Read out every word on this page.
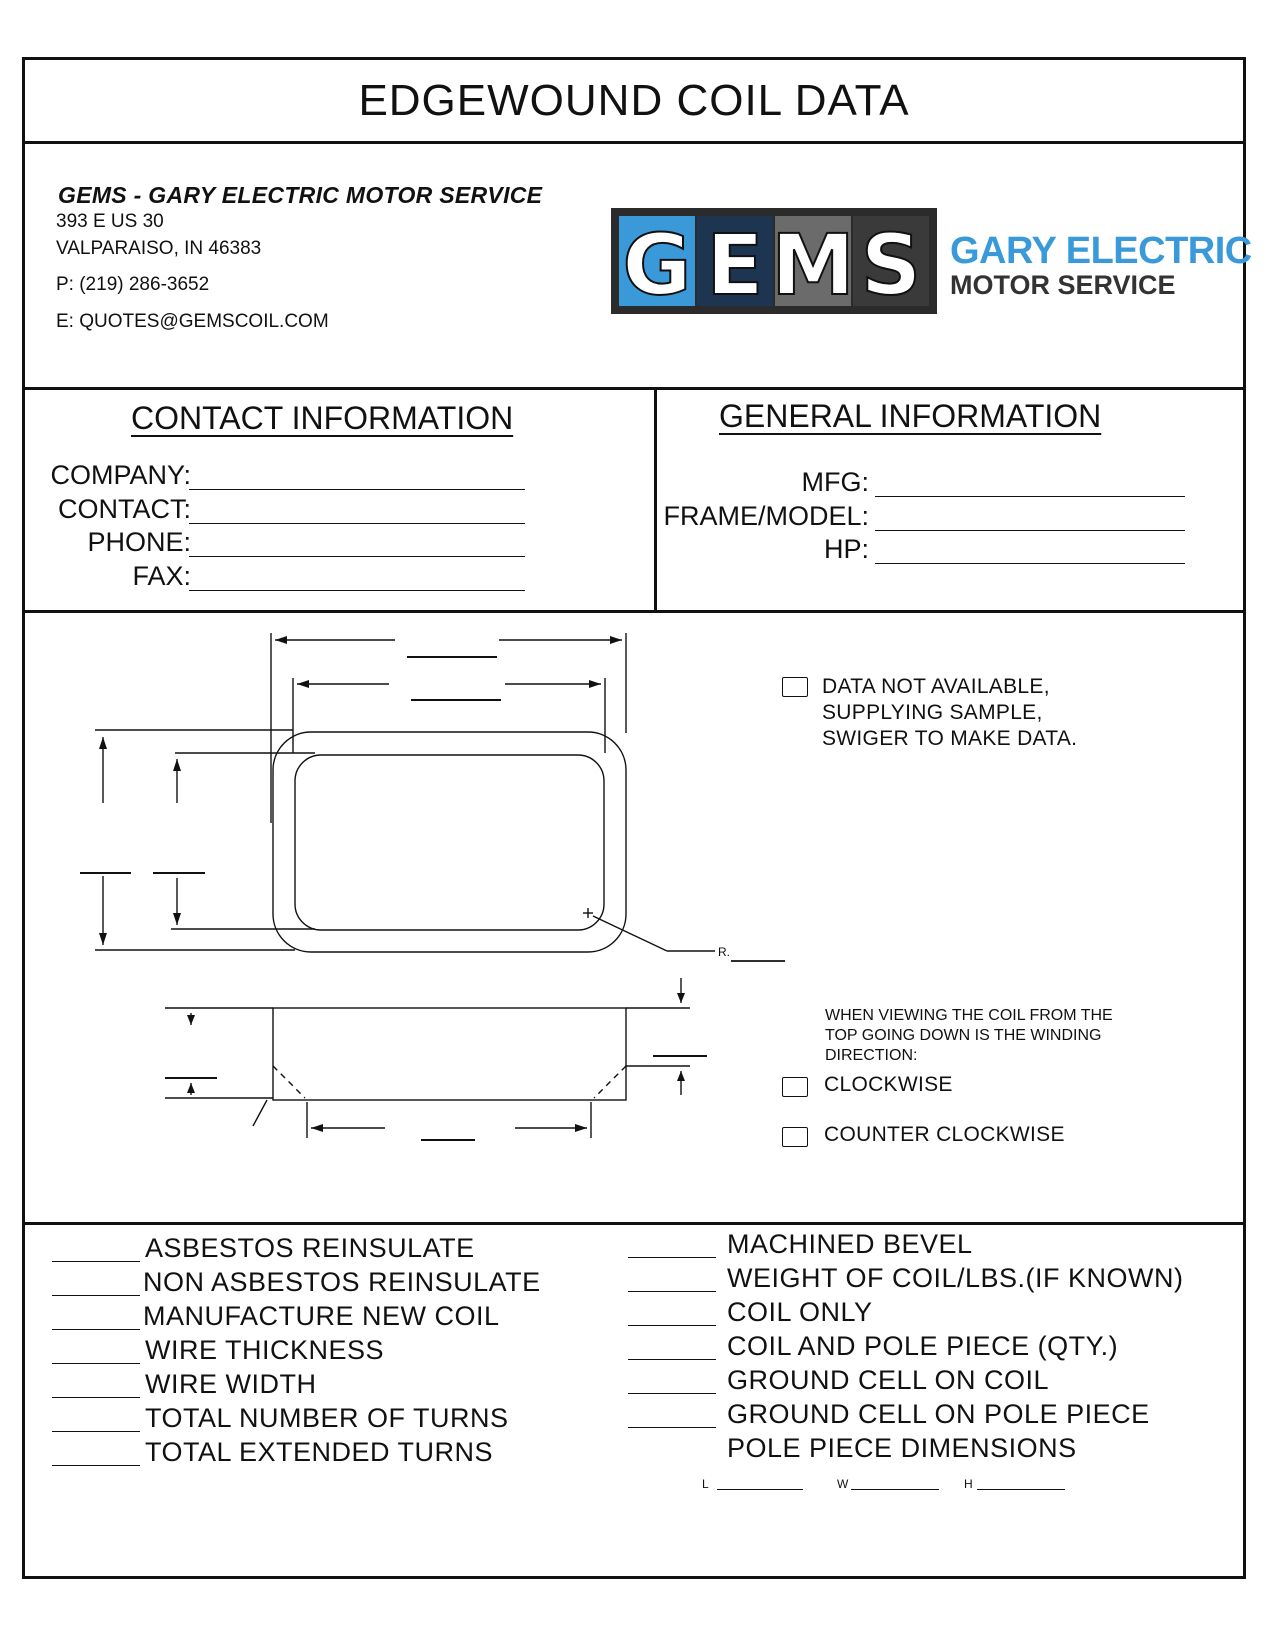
EDGEWOUND COIL DATA
GEMS - GARY ELECTRIC MOTOR SERVICE
393 E US 30
VALPARAISO, IN 46383
P: (219) 286-3652
E: QUOTES@GEMSCOIL.COM
G E M S GARY ELECTRIC
MOTOR SERVICE
CONTACT INFORMATION
COMPANY:
CONTACT:
PHONE:
FAX:
GENERAL INFORMATION
MFG:
FRAME/MODEL:
HP:
R.
DATA NOT AVAILABLE,
SUPPLYING SAMPLE,
SWIGER TO MAKE DATA.
WHEN VIEWING THE COIL FROM THE
TOP GOING DOWN IS THE WINDING
DIRECTION:
CLOCKWISE
COUNTER CLOCKWISE
ASBESTOS REINSULATE
NON ASBESTOS REINSULATE
MANUFACTURE NEW COIL
WIRE THICKNESS
WIRE WIDTH
TOTAL NUMBER OF TURNS
TOTAL EXTENDED TURNS
MACHINED BEVEL
WEIGHT OF COIL/LBS.(IF KNOWN)
COIL ONLY
COIL AND POLE PIECE (QTY.)
GROUND CELL ON COIL
GROUND CELL ON POLE PIECE
POLE PIECE DIMENSIONS
L	W	H
